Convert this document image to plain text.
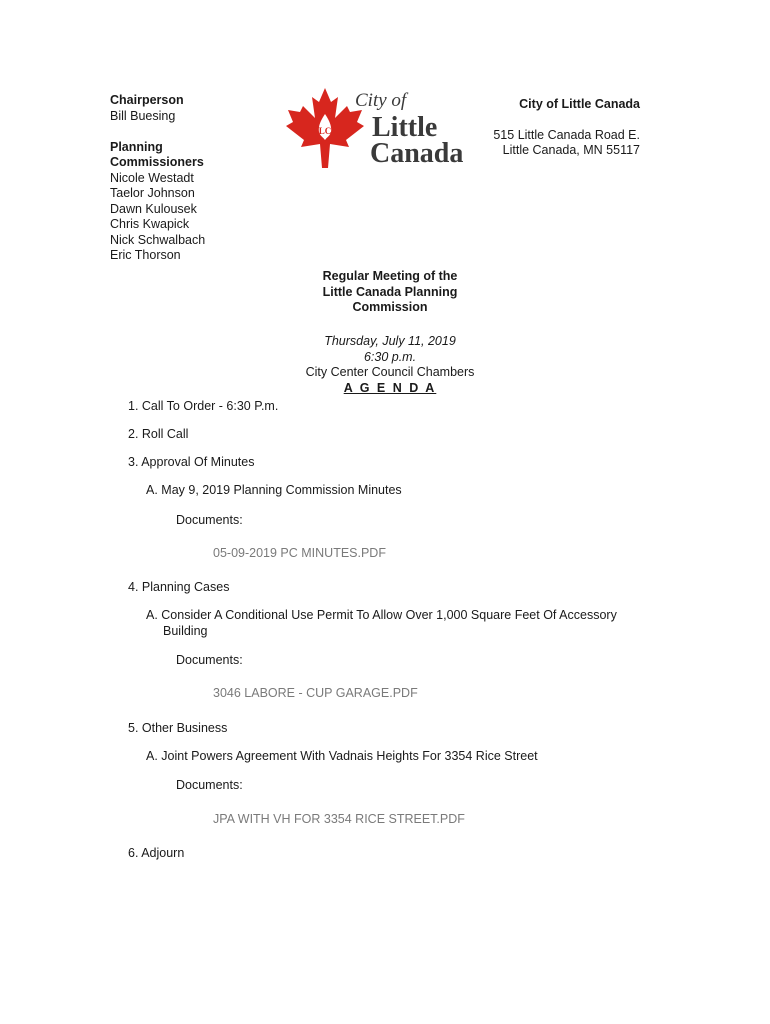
Chairperson
Bill Buesing
Planning
Commissioners
Nicole Westadt
Taelor Johnson
Dawn Kulousek
Chris Kwapick
Nick Schwalbach
Eric Thorson
LC
City of
Little
Canada
City of Little Canada
515 Little Canada Road E.
Little Canada, MN 55117
Regular Meeting of the
Little Canada Planning
Commission
Thursday, July 11, 2019
6:30 p.m.
City Center Council Chambers
A G E N D A
1. Call To Order - 6:30 P.m.
2. Roll Call
3. Approval Of Minutes
A. May 9, 2019 Planning Commission Minutes
Documents:
05-09-2019 PC MINUTES.PDF
4. Planning Cases
A. Consider A Conditional Use Permit To Allow Over 1,000 Square Feet Of Accessory
Building
Documents:
3046 LABORE - CUP GARAGE.PDF
5. Other Business
A. Joint Powers Agreement With Vadnais Heights For 3354 Rice Street
Documents:
JPA WITH VH FOR 3354 RICE STREET.PDF
6. Adjourn
